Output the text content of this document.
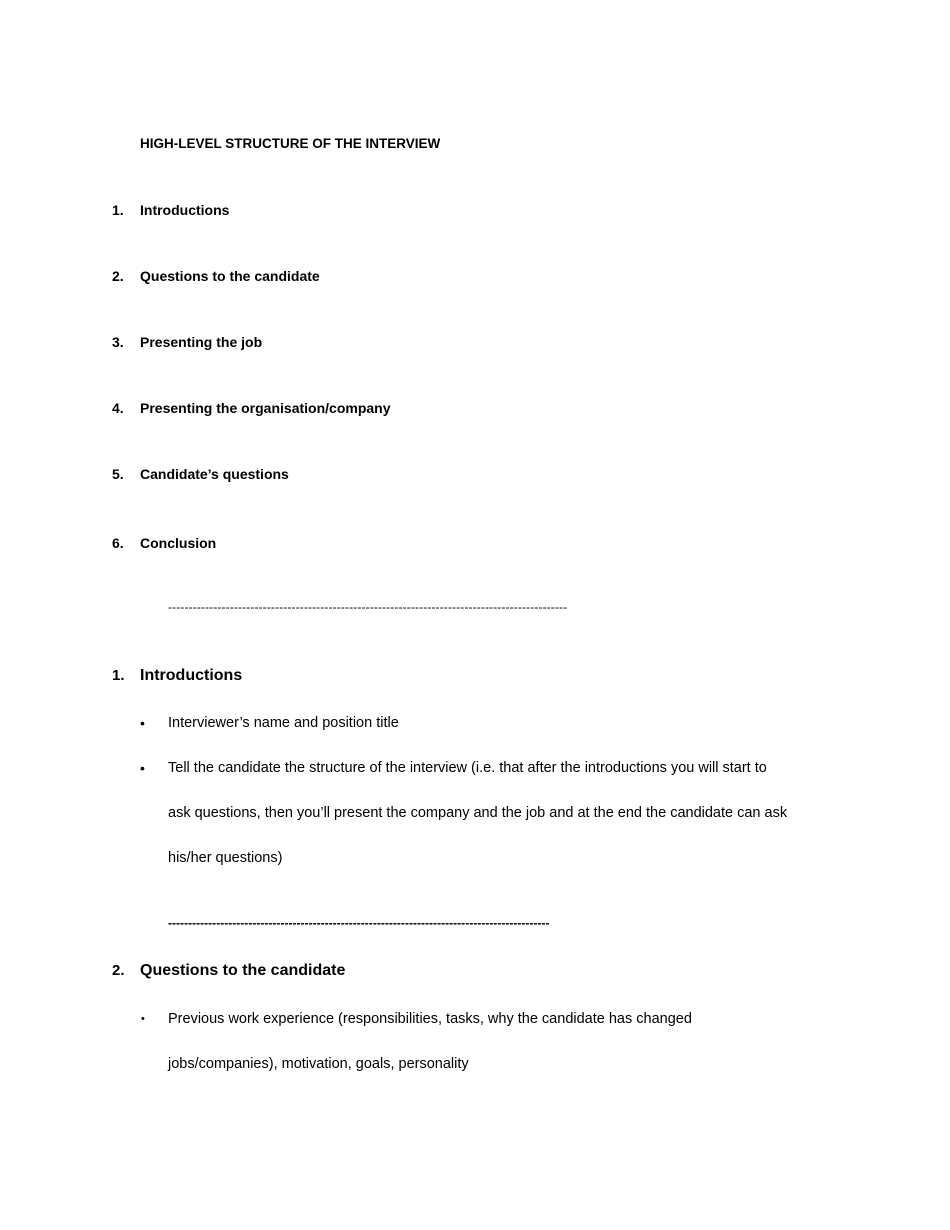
HIGH-LEVEL STRUCTURE OF THE INTERVIEW
1. Introductions
2. Questions to the candidate
3. Presenting the job
4. Presenting the organisation/company
5. Candidate’s questions
6. Conclusion
-------------------------------------------------------------------------------------------------
1. Introductions
• Interviewer’s name and position title
• Tell the candidate the structure of the interview (i.e. that after the introductions you will start to
ask questions, then you’ll present the company and the job and at the end the candidate can ask
his/her questions)
-----------------------------------------------------------------------------------------------
2. Questions to the candidate
• Previous work experience (responsibilities, tasks, why the candidate has changed
jobs/companies), motivation, goals, personality
